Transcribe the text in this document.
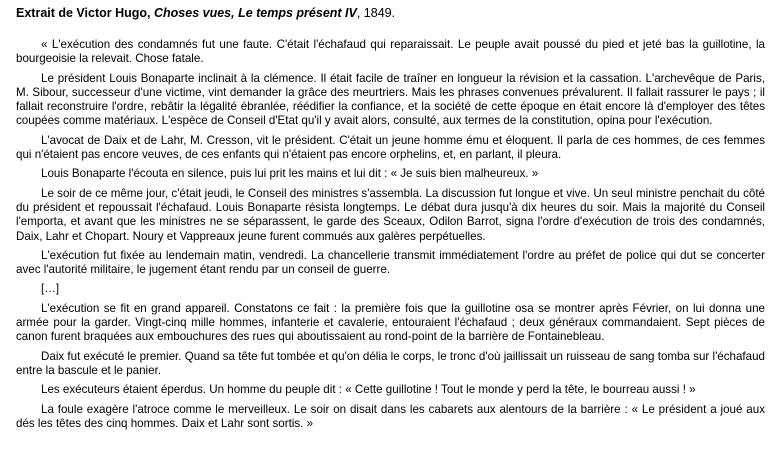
Extrait de Victor Hugo, Choses vues, Le temps présent IV, 1849.

« L'exécution des condamnés fut une faute. C'était l'échafaud qui reparaissait. Le peuple avait poussé du pied et jeté bas la guillotine, la bourgeoisie la relevait. Chose fatale.

Le président Louis Bonaparte inclinait à la clémence. Il était facile de traîner en longueur la révision et la cassation. L'archevêque de Paris, M. Sibour, successeur d'une victime, vint demander la grâce des meurtriers. Mais les phrases convenues prévalurent. Il fallait rassurer le pays ; il fallait reconstruire l'ordre, rebâtir la légalité ébranlée, réédifier la confiance, et la société de cette époque en était encore là d'employer des têtes coupées comme matériaux. L'espèce de Conseil d'Etat qu'il y avait alors, consulté, aux termes de la constitution, opina pour l'exécution.

L'avocat de Daix et de Lahr, M. Cresson, vit le président. C'était un jeune homme ému et éloquent. Il parla de ces hommes, de ces femmes qui n'étaient pas encore veuves, de ces enfants qui n'étaient pas encore orphelins, et, en parlant, il pleura.

Louis Bonaparte l'écouta en silence, puis lui prit les mains et lui dit : « Je suis bien malheureux. »

Le soir de ce même jour, c'était jeudi, le Conseil des ministres s'assembla. La discussion fut longue et vive. Un seul ministre penchait du côté du président et repoussait l'échafaud. Louis Bonaparte résista longtemps. Le débat dura jusqu'à dix heures du soir. Mais la majorité du Conseil l'emporta, et avant que les ministres ne se séparassent, le garde des Sceaux, Odilon Barrot, signa l'ordre d'exécution de trois des condamnés, Daix, Lahr et Chopart. Noury et Vappreaux jeune furent commués aux galères perpétuelles.

L'exécution fut fixée au lendemain matin, vendredi. La chancellerie transmit immédiatement l'ordre au préfet de police qui dut se concerter avec l'autorité militaire, le jugement étant rendu par un conseil de guerre.

[…]

L'exécution se fit en grand appareil. Constatons ce fait : la première fois que la guillotine osa se montrer après Février, on lui donna une armée pour la garder. Vingt-cinq mille hommes, infanterie et cavalerie, entouraient l'échafaud ; deux généraux commandaient. Sept pièces de canon furent braquées aux embouchures des rues qui aboutissaient au rond-point de la barrière de Fontainebleau.

Daix fut exécuté le premier. Quand sa tête fut tombée et qu'on délia le corps, le tronc d'où jaillissait un ruisseau de sang tomba sur l'échafaud entre la bascule et le panier.

Les exécuteurs étaient éperdus. Un homme du peuple dit : « Cette guillotine ! Tout le monde y perd la tête, le bourreau aussi ! »

La foule exagère l'atroce comme le merveilleux. Le soir on disait dans les cabarets aux alentours de la barrière : « Le président a joué aux dés les têtes des cinq hommes. Daix et Lahr sont sortis. »
